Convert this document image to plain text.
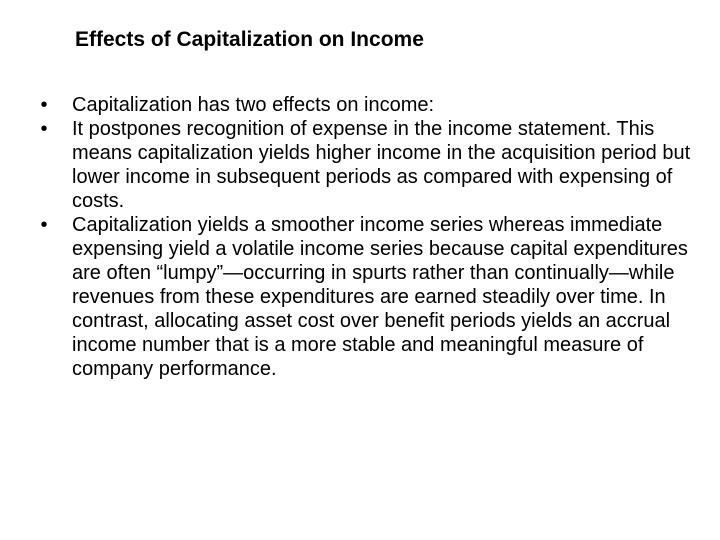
Effects of Capitalization on Income
•	Capitalization has two effects on income:
•	It postpones recognition of expense in the income statement. This means capitalization yields higher income in the acquisition period but lower income in subsequent periods as compared with expensing of costs.
•	Capitalization yields a smoother income series whereas immediate expensing yield a volatile income series because capital expenditures are often “lumpy”—occurring in spurts rather than continually—while revenues from these expenditures are earned steadily over time. In contrast, allocating asset cost over benefit periods yields an accrual income number that is a more stable and meaningful measure of company performance.
